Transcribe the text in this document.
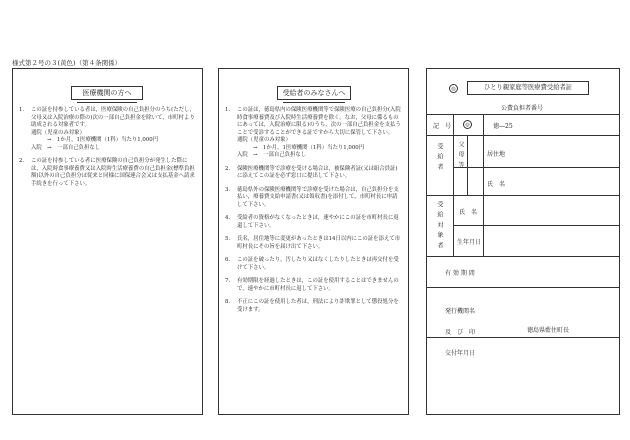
様式第２号の３(黄色)（第４条関係）
医療機関の方へ
1.	この証を持参している者は，医療保険の自己負担分のうち(ただし，父母又は入院治療の際の)次の一部自己負担金を除いて，市町村より助成される対象者です。
通院（児童のみ対象）
→　1か月，1医療機関（1科）当たり1,000円
入院　→　一部自己負担なし
2.	この証を持参している者に医療保険の自己負担分が発生した際には，入院時食事療養費又は入院時生活療養費の自己負担金(標準負担額)以外の自己負担分は従来と同様に国保連合会又は支払基金へ請求手続きを行って下さい。
受給者のみなさんへ
1.	この証は，徳島県内の保険医療機関等で保険医療の自己負担分(入院時食事療養費及び入院時生活療養費を除く。なお，父母に係るものにあっては，入院治療に限る)のうち，次の一部自己負担金を支払うことで受診することができる証ですから大切に保管して下さい。
通院（児童のみ対象）
→　1か月，1医療機関（1科）当たり1,000円
入院　→　一部自己負担なし
2.	保険医療機関等で診療を受ける場合は，被保険者証(又は組合員証)に添えてこの証を必ず窓口に提出して下さい。
3.	徳島県外の保険医療機関等で診療を受けた場合は，自己負担分を支払い，療養費支給申請書(又は領収書)を添付して，市町村長に申請して下さい。
4.	受給者の資格がなくなったときは，速やかにこの証を市町村長に返還して下さい。
5.	氏名，居住地等に変更があったときは14日以内にこの証を添えて市町村長にその旨を届け出て下さい。
6.	この証を破ったり，汚したり又はなくしたりしたときは再交付を受けて下さい。
7.	有効期限を経過したときは，この証を使用することはできませんので，速やかに市町村長に返して下さい。
8.	不正にこの証を使用した者は，刑法により詐欺罪として懲役処分を受けます。
◎	ひとり親家庭等医療費受給者証
公費負担者番号
記　号	◎	徳―25
受給者 父母等	居住地
氏　名
受給対象者	氏　名
生年月日
有 効 期 間
発行機関名
及　び　印	徳島県藍住町長
交付年月日
